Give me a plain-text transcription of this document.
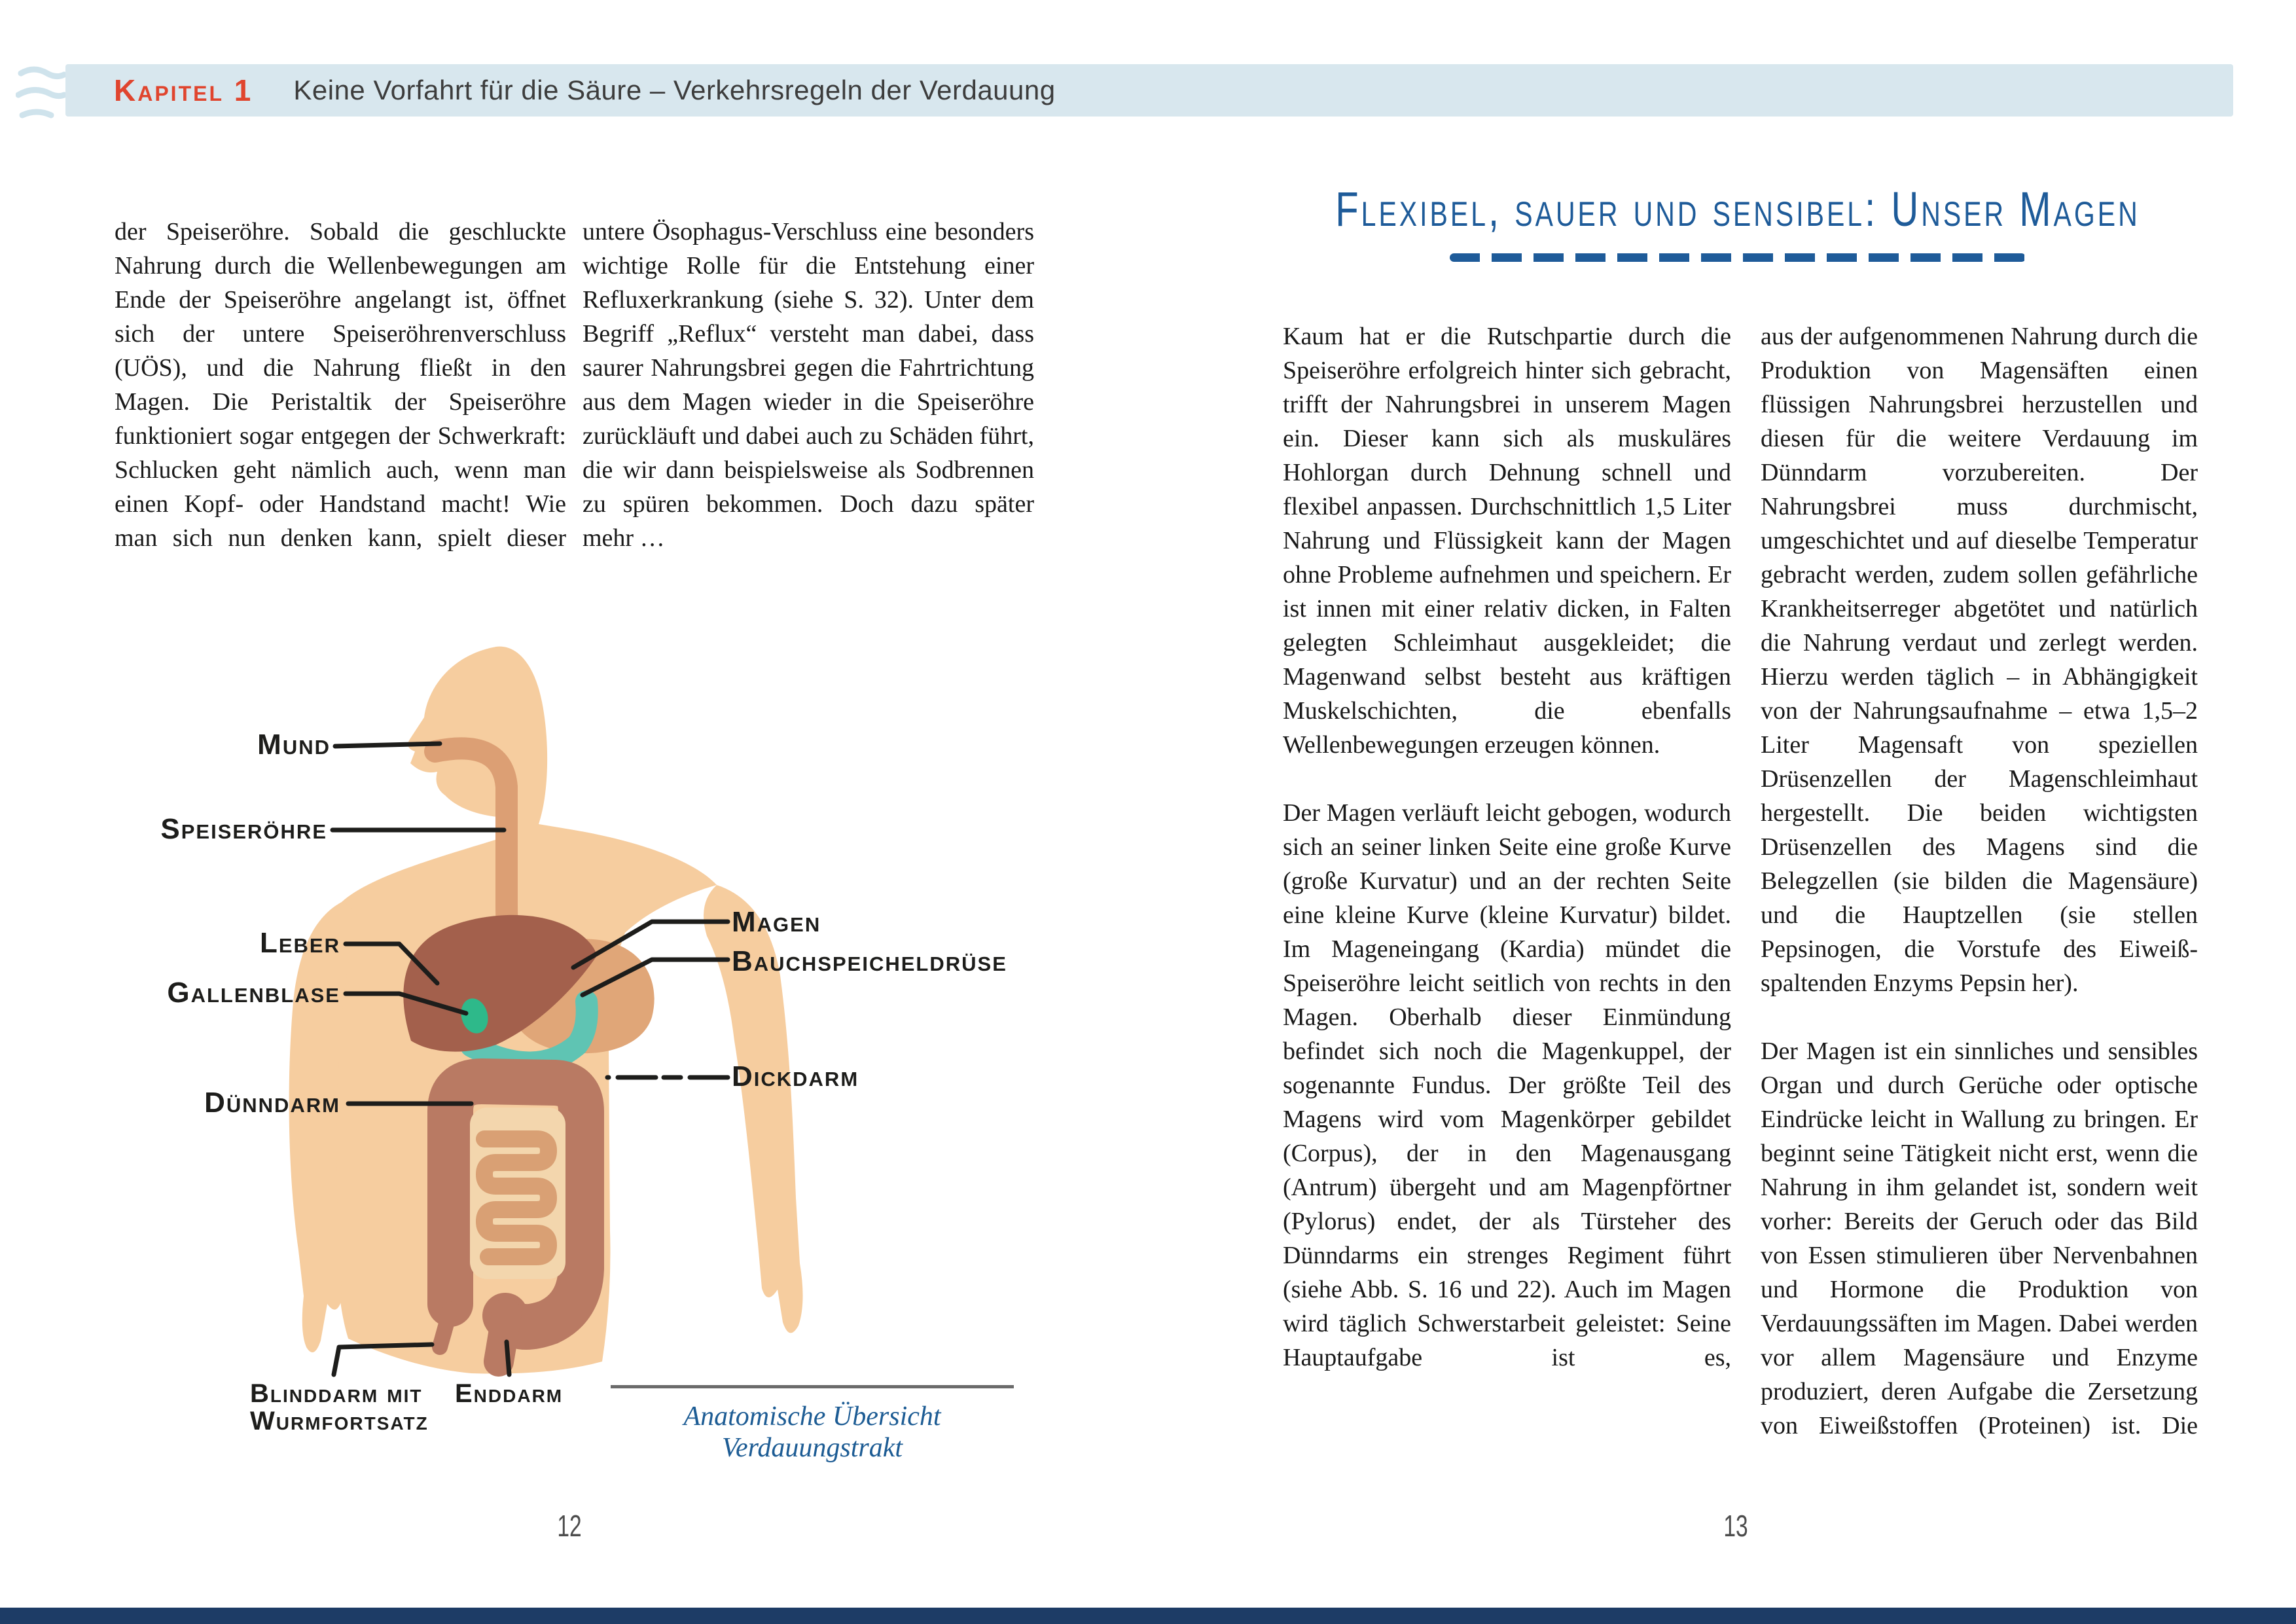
Kapitel 1 Keine Vorfahrt für die Säure – Verkehrsregeln der Verdauung
der Speiseröhre. Sobald die geschluckte Nahrung durch die Wellenbewegungen am Ende der Speiseröhre angelangt ist, öffnet sich der untere Speiseröhrenverschluss (UÖS), und die Nahrung fließt in den Magen. Die Peristaltik der Speiseröhre funktioniert sogar entgegen der Schwerkraft: Schlucken geht nämlich auch, wenn man einen Kopf- oder Handstand macht! Wie man sich nun denken kann, spielt dieser
untere Ösophagus-Verschluss eine besonders wichtige Rolle für die Entstehung einer Refluxerkrankung (siehe S. 32). Unter dem Begriff „Reflux“ versteht man dabei, dass saurer Nahrungsbrei gegen die Fahrtrichtung aus dem Magen wieder in die Speiseröhre zurückläuft und dabei auch zu Schäden führt, die wir dann beispielsweise als Sodbrennen zu spüren bekommen. Doch dazu später mehr …
Mund
Speiseröhre
Leber
Gallenblase
Dünndarm
Magen
Bauchspeicheldrüse
Dickdarm
Blinddarm mit Wurmfortsatz
Enddarm
Anatomische Übersicht Verdauungstrakt
Flexibel, sauer und sensibel: Unser Magen

Kaum hat er die Rutschpartie durch die Speiseröhre erfolgreich hinter sich gebracht, trifft der Nahrungsbrei in unserem Magen ein. Dieser kann sich als muskuläres Hohlorgan durch Dehnung schnell und flexibel anpassen. Durchschnittlich 1,5 Liter Nahrung und Flüssigkeit kann der Magen ohne Probleme aufnehmen und speichern. Er ist innen mit einer relativ dicken, in Falten gelegten Schleimhaut ausgekleidet; die Magenwand selbst besteht aus kräftigen Muskelschichten, die ebenfalls Wellenbewegungen erzeugen können.

Der Magen verläuft leicht gebogen, wodurch sich an seiner linken Seite eine große Kurve (große Kurvatur) und an der rechten Seite eine kleine Kurve (kleine Kurvatur) bildet. Im Mageneingang (Kardia) mündet die Speiseröhre leicht seitlich von rechts in den Magen. Oberhalb dieser Einmündung befindet sich noch die Magenkuppel, der sogenannte Fundus. Der größte Teil des Magens wird vom Magenkörper gebildet (Corpus), der in den Magenausgang (Antrum) übergeht und am Magenpförtner (Pylorus) endet, der als Türsteher des Dünndarms ein strenges Regiment führt (siehe Abb. S. 16 und 22). Auch im Magen wird täglich Schwerstarbeit geleistet: Seine Hauptaufgabe ist es,

aus der aufgenommenen Nahrung durch die Produktion von Magensäften einen flüssigen Nahrungsbrei herzustellen und diesen für die weitere Verdauung im Dünndarm vorzubereiten. Der Nahrungsbrei muss durchmischt, umgeschichtet und auf dieselbe Temperatur gebracht werden, zudem sollen gefährliche Krankheitserreger abgetötet und natürlich die Nahrung verdaut und zerlegt werden. Hierzu werden täglich – in Abhängigkeit von der Nahrungsaufnahme – etwa 1,5–2 Liter Magensaft von speziellen Drüsenzellen der Magenschleimhaut hergestellt. Die beiden wichtigsten Drüsenzellen des Magens sind die Belegzellen (sie bilden die Magensäure) und die Hauptzellen (sie stellen Pepsinogen, die Vorstufe des Eiweiß-spaltenden Enzyms Pepsin her).

Der Magen ist ein sinnliches und sensibles Organ und durch Gerüche oder optische Eindrücke leicht in Wallung zu bringen. Er beginnt seine Tätigkeit nicht erst, wenn die Nahrung in ihm gelandet ist, sondern weit vorher: Bereits der Geruch oder das Bild von Essen stimulieren über Nervenbahnen und Hormone die Produktion von Verdauungssäften im Magen. Dabei werden vor allem Magensäure und Enzyme produziert, deren Aufgabe die Zersetzung von Eiweißstoffen (Proteinen) ist. Die

12	13
